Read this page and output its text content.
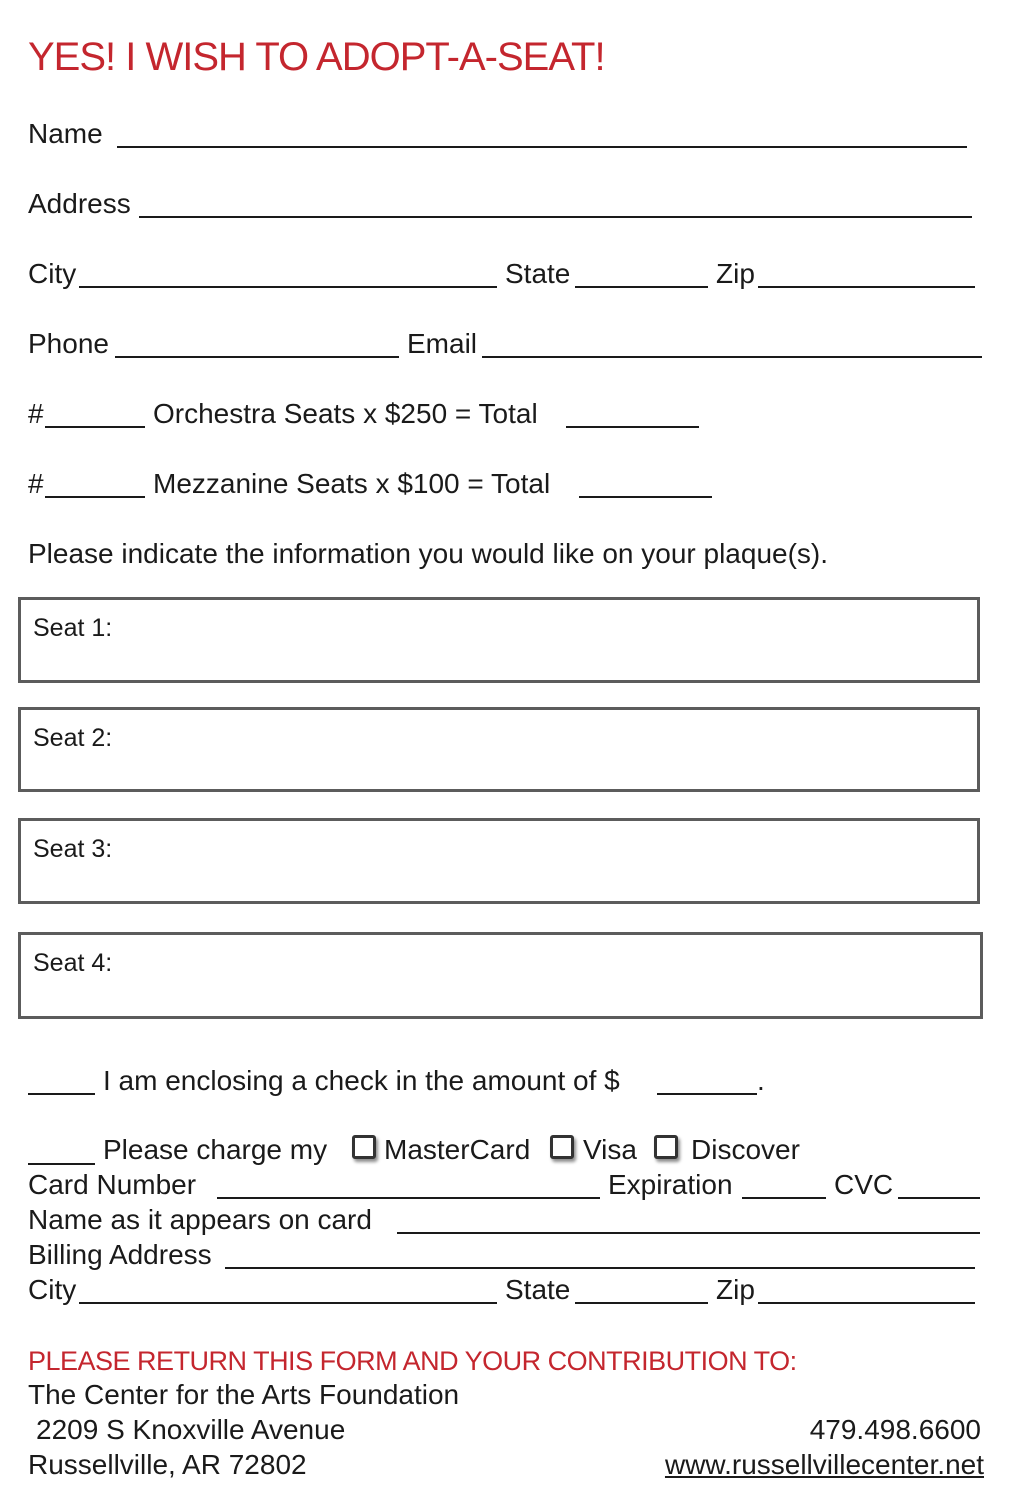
YES! I WISH TO ADOPT-A-SEAT!
Name
Address
City	State	Zip
Phone	Email
#	Orchestra Seats x $250 = Total
#	Mezzanine Seats x $100 = Total
Please indicate the information you would like on your plaque(s).
Seat 1:
Seat 2:
Seat 3:
Seat 4:
I am enclosing a check in the amount of $	.
Please charge my MasterCard Visa Discover
Card Number	Expiration	CVC
Name as it appears on card
Billing Address
City	State	Zip
PLEASE RETURN THIS FORM AND YOUR CONTRIBUTION TO:
The Center for the Arts Foundation
2209 S Knoxville Avenue
Russellville, AR 72802
479.498.6600
www.russellvillecenter.net
